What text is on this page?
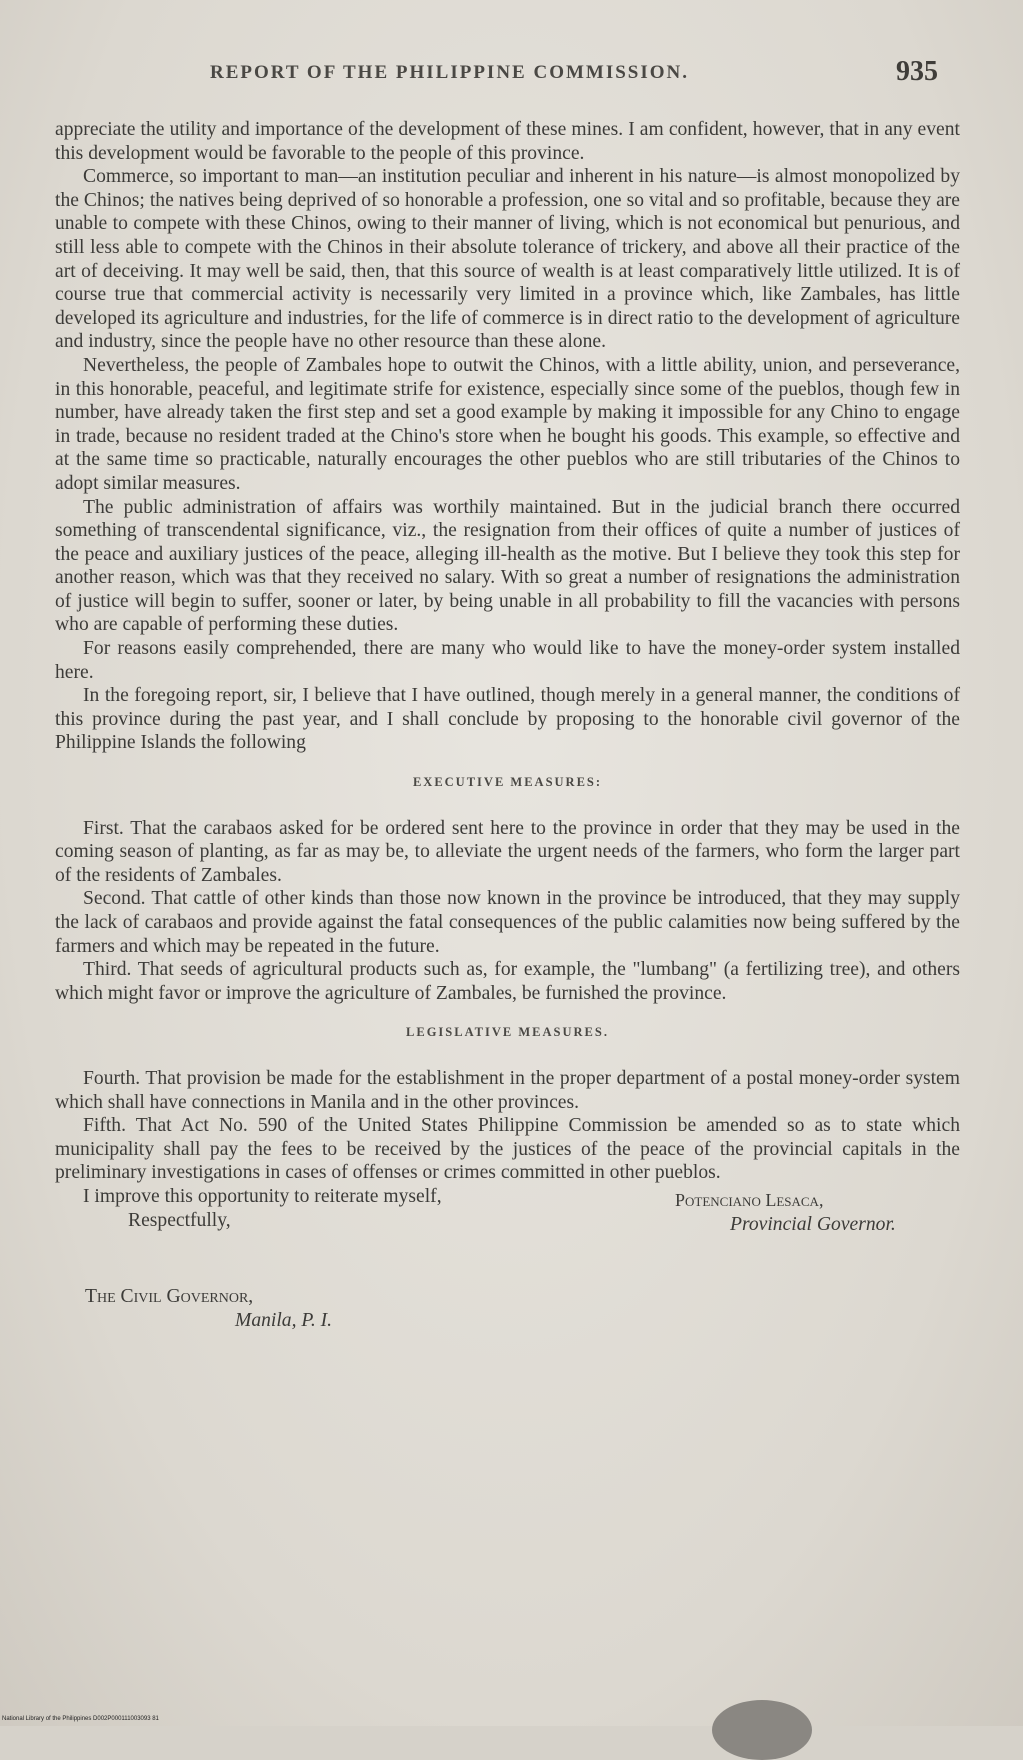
REPORT OF THE PHILIPPINE COMMISSION.	935

appreciate the utility and importance of the development of these mines. I am confident, however, that in any event this development would be favorable to the people of this province.

Commerce, so important to man—an institution peculiar and inherent in his nature—is almost monopolized by the Chinos; the natives being deprived of so honorable a profession, one so vital and so profitable, because they are unable to compete with these Chinos, owing to their manner of living, which is not economical but penurious, and still less able to compete with the Chinos in their absolute tolerance of trickery, and above all their practice of the art of deceiving. It may well be said, then, that this source of wealth is at least comparatively little utilized. It is of course true that commercial activity is necessarily very limited in a province which, like Zambales, has little developed its agriculture and industries, for the life of commerce is in direct ratio to the development of agriculture and industry, since the people have no other resource than these alone.

Nevertheless, the people of Zambales hope to outwit the Chinos, with a little ability, union, and perseverance, in this honorable, peaceful, and legitimate strife for existence, especially since some of the pueblos, though few in number, have already taken the first step and set a good example by making it impossible for any Chino to engage in trade, because no resident traded at the Chino's store when he bought his goods. This example, so effective and at the same time so practicable, naturally encourages the other pueblos who are still tributaries of the Chinos to adopt similar measures.

The public administration of affairs was worthily maintained. But in the judicial branch there occurred something of transcendental significance, viz., the resignation from their offices of quite a number of justices of the peace and auxiliary justices of the peace, alleging ill-health as the motive. But I believe they took this step for another reason, which was that they received no salary. With so great a number of resignations the administration of justice will begin to suffer, sooner or later, by being unable in all probability to fill the vacancies with persons who are capable of performing these duties.

For reasons easily comprehended, there are many who would like to have the money-order system installed here.

In the foregoing report, sir, I believe that I have outlined, though merely in a general manner, the conditions of this province during the past year, and I shall conclude by proposing to the honorable civil governor of the Philippine Islands the following

EXECUTIVE MEASURES:

First. That the carabaos asked for be ordered sent here to the province in order that they may be used in the coming season of planting, as far as may be, to alleviate the urgent needs of the farmers, who form the larger part of the residents of Zambales.

Second. That cattle of other kinds than those now known in the province be introduced, that they may supply the lack of carabaos and provide against the fatal consequences of the public calamities now being suffered by the farmers and which may be repeated in the future.

Third. That seeds of agricultural products such as, for example, the "lumbang" (a fertilizing tree), and others which might favor or improve the agriculture of Zambales, be furnished the province.

LEGISLATIVE MEASURES.

Fourth. That provision be made for the establishment in the proper department of a postal money-order system which shall have connections in Manila and in the other provinces.

Fifth. That Act No. 590 of the United States Philippine Commission be amended so as to state which municipality shall pay the fees to be received by the justices of the peace of the provincial capitals in the preliminary investigations in cases of offenses or crimes committed in other pueblos.

I improve this opportunity to reiterate myself,
Respectfully,
Potenciano Lesaca,
Provincial Governor.
The Civil Governor,
Manila, P. I.
National Library of the Philippines D002P000111003093 81
